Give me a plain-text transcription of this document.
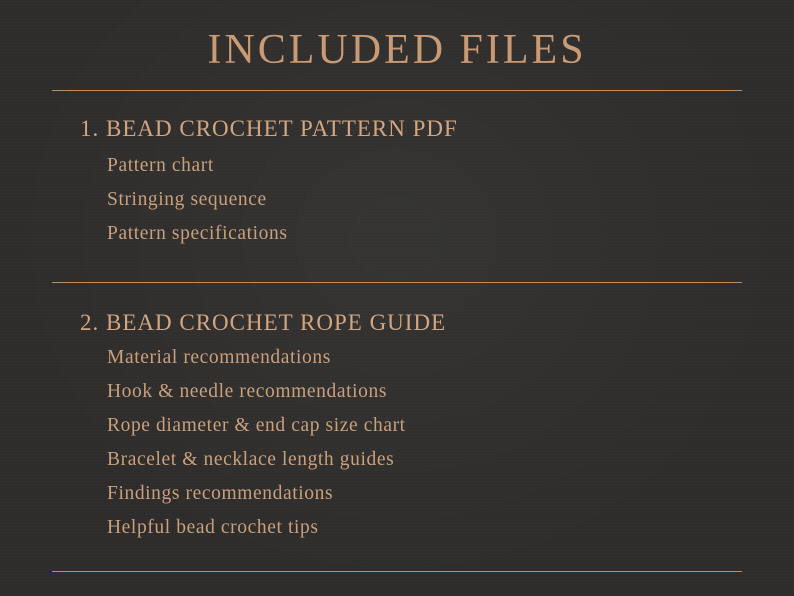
INCLUDED FILES
1. BEAD CROCHET PATTERN PDF
Pattern chart
Stringing sequence
Pattern specifications
2. BEAD CROCHET ROPE GUIDE
Material recommendations
Hook & needle recommendations
Rope diameter & end cap size chart
Bracelet & necklace length guides
Findings recommendations
Helpful bead crochet tips
